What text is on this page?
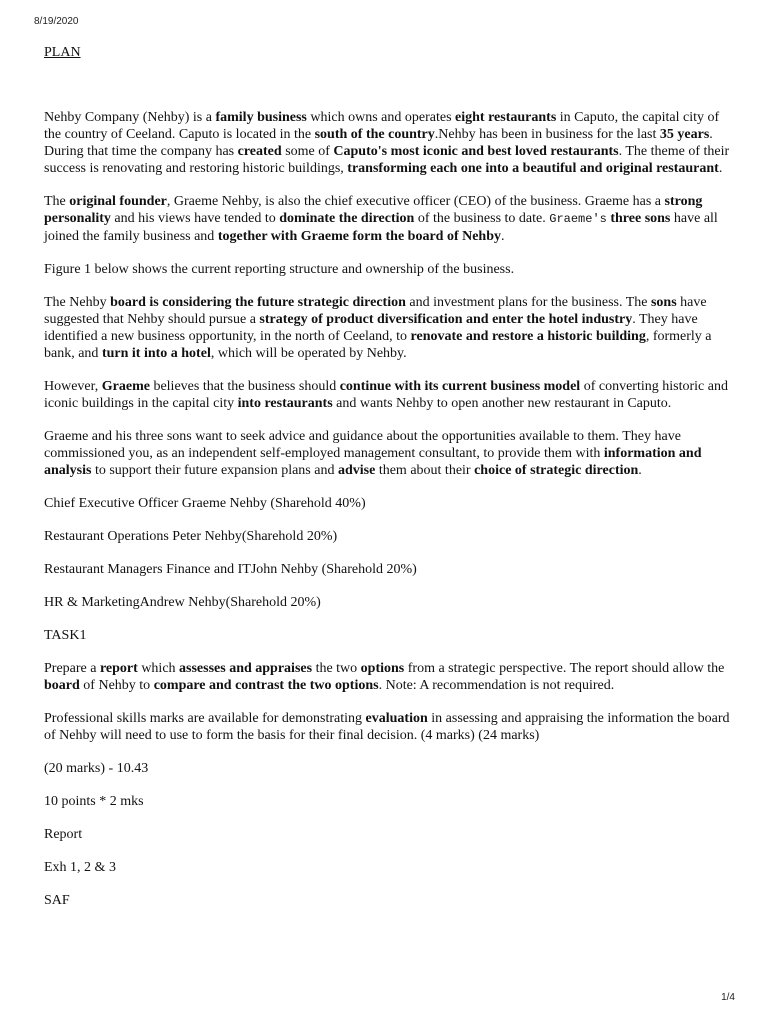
8/19/2020

PLAN

Nehby Company (Nehby) is a family business which owns and operates eight restaurants in Caputo, the capital city of the country of Ceeland. Caputo is located in the south of the country.Nehby has been in business for the last 35 years. During that time the company has created some of Caputo's most iconic and best loved restaurants. The theme of their success is renovating and restoring historic buildings, transforming each one into a beautiful and original restaurant.

The original founder, Graeme Nehby, is also the chief executive officer (CEO) of the business. Graeme has a strong personality and his views have tended to dominate the direction of the business to date. Graeme's three sons have all joined the family business and together with Graeme form the board of Nehby.

Figure 1 below shows the current reporting structure and ownership of the business.

The Nehby board is considering the future strategic direction and investment plans for the business. The sons have suggested that Nehby should pursue a strategy of product diversification and enter the hotel industry. They have identified a new business opportunity, in the north of Ceeland, to renovate and restore a historic building, formerly a bank, and turn it into a hotel, which will be operated by Nehby.

However, Graeme believes that the business should continue with its current business model of converting historic and iconic buildings in the capital city into restaurants and wants Nehby to open another new restaurant in Caputo.

Graeme and his three sons want to seek advice and guidance about the opportunities available to them. They have commissioned you, as an independent self-employed management consultant, to provide them with information and analysis to support their future expansion plans and advise them about their choice of strategic direction.

Chief Executive Officer Graeme Nehby (Sharehold 40%)

Restaurant Operations Peter Nehby(Sharehold 20%)

Restaurant Managers Finance and ITJohn Nehby (Sharehold 20%)

HR & MarketingAndrew Nehby(Sharehold 20%)

TASK1

Prepare a report which assesses and appraises the two options from a strategic perspective. The report should allow the board of Nehby to compare and contrast the two options. Note: A recommendation is not required.

Professional skills marks are available for demonstrating evaluation in assessing and appraising the information the board of Nehby will need to use to form the basis for their final decision. (4 marks) (24 marks)

(20 marks) - 10.43

10 points * 2 mks

Report

Exh 1, 2 & 3

SAF

1/4
